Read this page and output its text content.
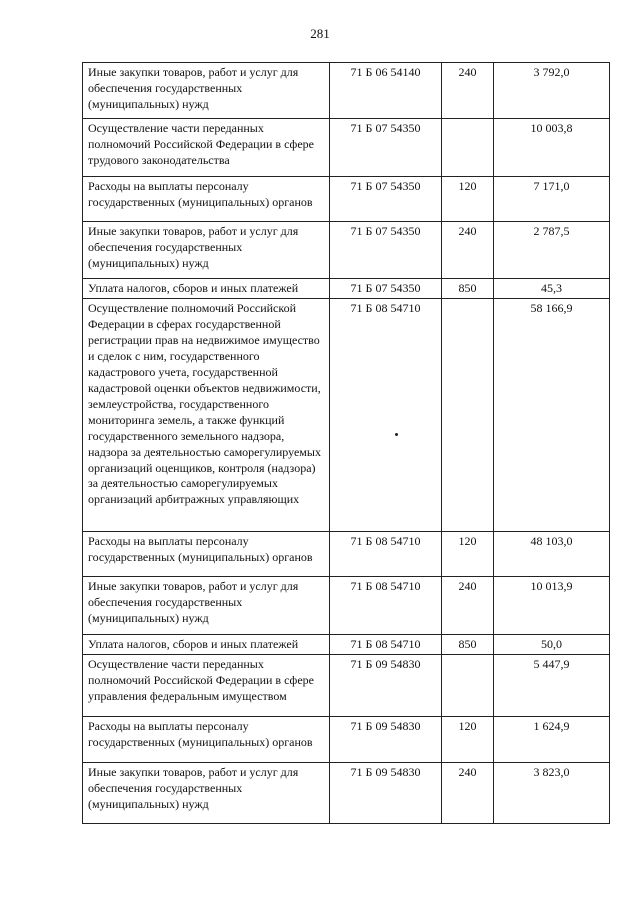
281
Иные закупки товаров, работ и услуг для обеспечения государственных (муниципальных) нужд	71 Б 06 54140	240	3 792,0
Осуществление части переданных полномочий Российской Федерации в сфере трудового законодательства	71 Б 07 54350		10 003,8
Расходы на выплаты персоналу государственных (муниципальных) органов	71 Б 07 54350	120	7 171,0
Иные закупки товаров, работ и услуг для обеспечения государственных (муниципальных) нужд	71 Б 07 54350	240	2 787,5
Уплата налогов, сборов и иных платежей	71 Б 07 54350	850	45,3
Осуществление полномочий Российской Федерации в сферах государственной регистрации прав на недвижимое имущество и сделок с ним, государственного кадастрового учета, государственной кадастровой оценки объектов недвижимости, землеустройства, государственного мониторинга земель, а также функций государственного земельного надзора, надзора за деятельностью саморегулируемых организаций оценщиков, контроля (надзора) за деятельностью саморегулируемых организаций арбитражных управляющих	71 Б 08 54710		58 166,9
Расходы на выплаты персоналу государственных (муниципальных) органов	71 Б 08 54710	120	48 103,0
Иные закупки товаров, работ и услуг для обеспечения государственных (муниципальных) нужд	71 Б 08 54710	240	10 013,9
Уплата налогов, сборов и иных платежей	71 Б 08 54710	850	50,0
Осуществление части переданных полномочий Российской Федерации в сфере управления федеральным имуществом	71 Б 09 54830		5 447,9
Расходы на выплаты персоналу государственных (муниципальных) органов	71 Б 09 54830	120	1 624,9
Иные закупки товаров, работ и услуг для обеспечения государственных (муниципальных) нужд	71 Б 09 54830	240	3 823,0
